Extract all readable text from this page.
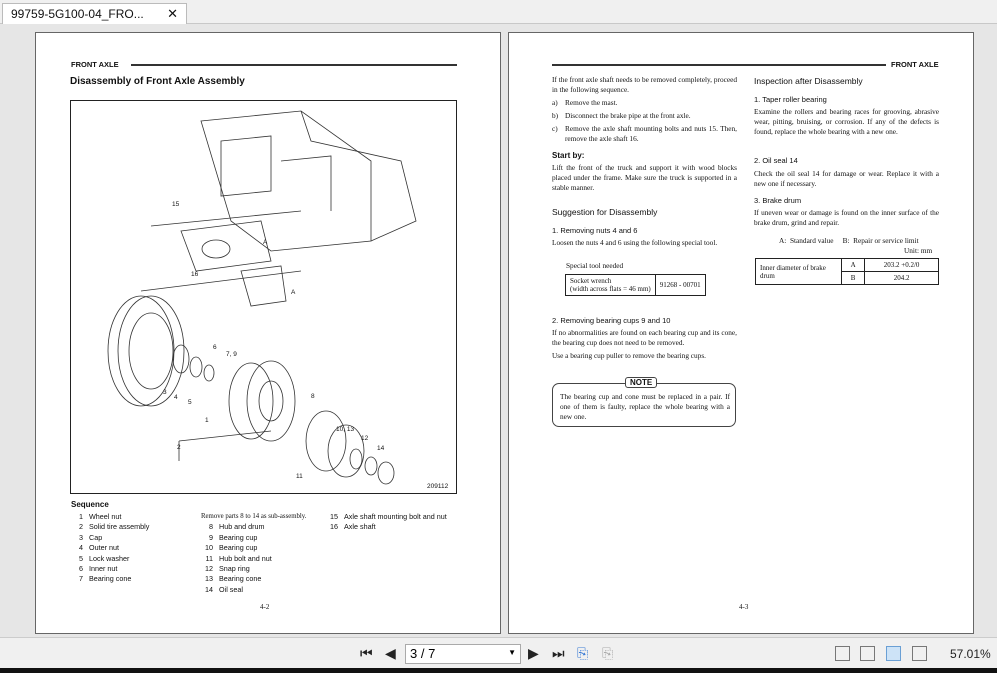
99759-5G100-04_FRO... ✕
FRONT AXLE
Disassembly of Front Axle Assembly
15
16
A
A
6
7, 9
3
4
5
1
2
8
10, 13
12
14
11
209112
Sequence
1 Wheel nut
2 Solid tire assembly
3 Cap
4 Outer nut
5 Lock washer
6 Inner nut
7 Bearing cone
Remove parts 8 to 14 as sub-assembly.
8 Hub and drum
9 Bearing cup
10 Bearing cup
11 Hub bolt and nut
12 Snap ring
13 Bearing cone
14 Oil seal
15 Axle shaft mounting bolt and nut
16 Axle shaft
4-2
FRONT AXLE
If the front axle shaft needs to be removed completely, proceed in the following sequence.
a)	Remove the mast.
b) Disconnect the brake pipe at the front axle.
c)	Remove the axle shaft mounting bolts and nuts 15. Then, remove the axle shaft 16.
Start by:
Lift the front of the truck and support it with wood blocks placed under the frame. Make sure the truck is supported in a stable manner.
Suggestion for Disassembly
1. Removing nuts 4 and 6
Loosen the nuts 4 and 6 using the following special tool.
Special tool needed
Socket wrench
(width across flats = 46 mm)	91268 - 00701
2. Removing bearing cups 9 and 10
If no abnormalities are found on each bearing cup and its cone, the bearing cup does not need to be removed.
Use a bearing cup puller to remove the bearing cups.
NOTE
The bearing cup and cone must be replaced in a pair. If one of them is faulty, replace the whole bearing with a new one.
Inspection after Disassembly
1. Taper roller bearing
Examine the rollers and bearing races for grooving, abrasive wear, pitting, bruising, or corrosion. If any of the defects is found, replace the whole bearing with a new one.
2. Oil seal 14
Check the oil seal 14 for damage or wear. Replace it with a new one if necessary.
3. Brake drum
If uneven wear or damage is found on the inner surface of the brake drum, grind and repair.
A:  Standard value     B:  Repair or service limit
Unit: mm
Inner diameter of brake drum	A	203.2 +0.2/0
	B	204.2
4-3
⏮ ◀	3 / 7	▼ ▶ ⏭ ⎘ ⎘	57.01%
